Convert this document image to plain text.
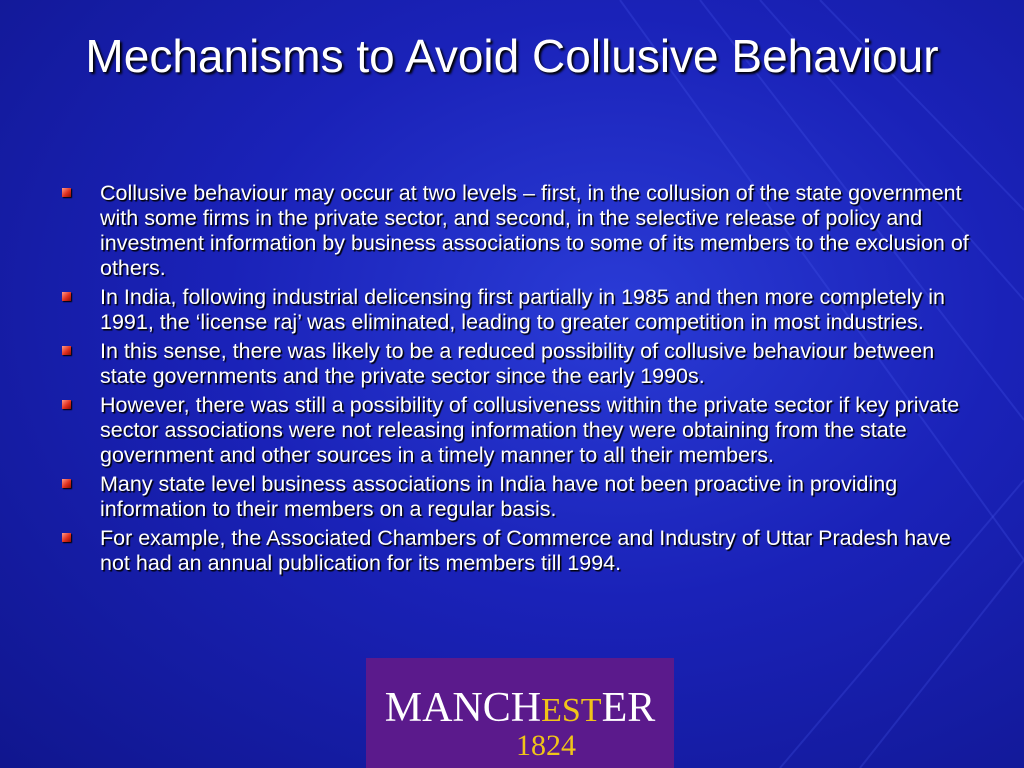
Mechanisms to Avoid Collusive Behaviour
Collusive behaviour may occur at two levels – first, in the collusion of the state government with some firms in the private sector, and second, in the selective release of policy and investment information by business associations to some of its members to the exclusion of others.
In India, following industrial delicensing first partially in 1985 and then more completely in 1991, the ‘license raj’ was eliminated, leading to greater competition in most industries.
In this sense, there was likely to be a reduced possibility of collusive behaviour between state governments and the private sector since the early 1990s.
However, there was still a possibility of collusiveness within the private sector if key private sector associations were not releasing information they were obtaining from the state government and other sources in a timely manner to all their members.
Many state level business associations in India have not been proactive in providing information to their members on a regular basis.
For example, the Associated Chambers of Commerce and Industry of Uttar Pradesh have not had an annual publication for its members till 1994.
MANCHESTER
1824
